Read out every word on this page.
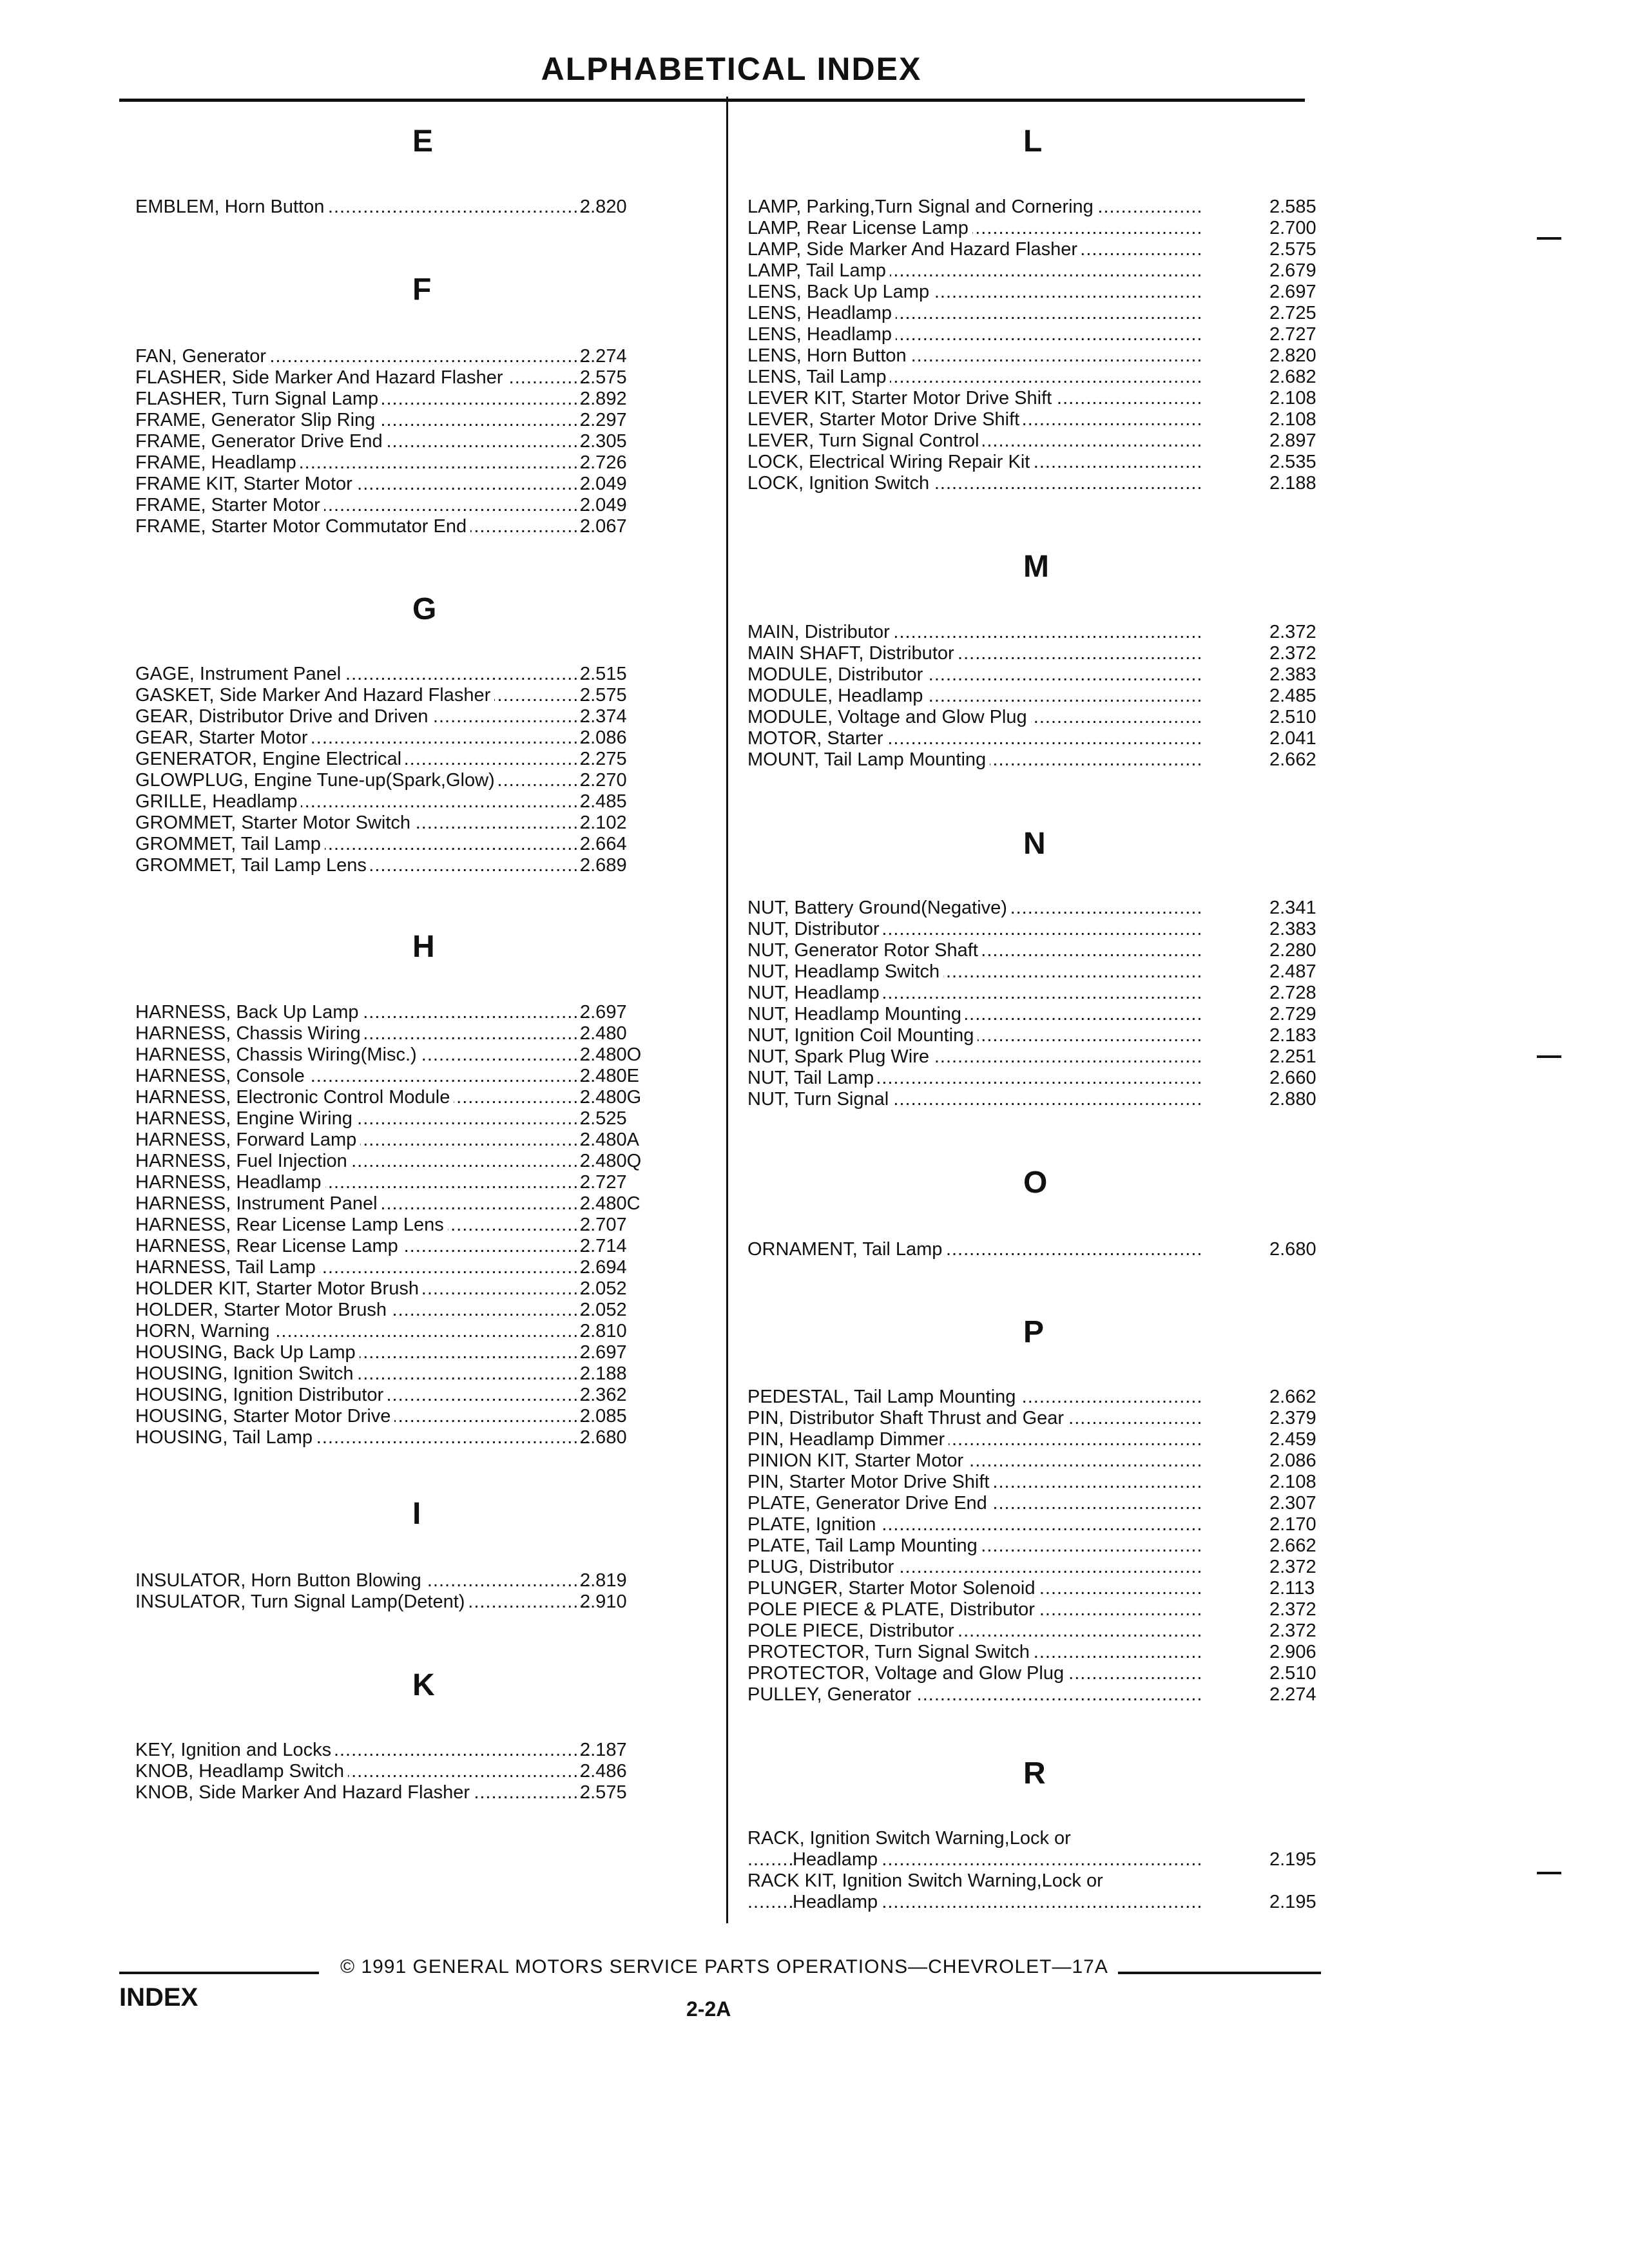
ALPHABETICAL INDEX
E
.....
EMBLEM, Horn Button	2.820
F
.....
FAN, Generator	2.274
.....
FLASHER, Side Marker And Hazard Flasher	2.575
.....
FLASHER, Turn Signal Lamp	2.892
.....
FRAME, Generator Slip Ring	2.297
.....
FRAME, Generator Drive End	2.305
.....
FRAME, Headlamp	2.726
.....
FRAME KIT, Starter Motor	2.049
.....
FRAME, Starter Motor	2.049
.....
FRAME, Starter Motor Commutator End	2.067
G
.....
GAGE, Instrument Panel	2.515
.....
GASKET, Side Marker And Hazard Flasher	2.575
.....
GEAR, Distributor Drive and Driven	2.374
.....
GEAR, Starter Motor	2.086
.....
GENERATOR, Engine Electrical	2.275
.....
GLOWPLUG, Engine Tune-up(Spark,Glow)	2.270
.....
GRILLE, Headlamp	2.485
.....
GROMMET, Starter Motor Switch	2.102
.....
GROMMET, Tail Lamp	2.664
.....
GROMMET, Tail Lamp Lens	2.689
H
.....
HARNESS, Back Up Lamp	2.697
.....
HARNESS, Chassis Wiring	2.480
.....
HARNESS, Chassis Wiring(Misc.)	2.480O
.....
HARNESS, Console	2.480E
.....
HARNESS, Electronic Control Module	2.480G
.....
HARNESS, Engine Wiring	2.525
.....
HARNESS, Forward Lamp	2.480A
.....
HARNESS, Fuel Injection	2.480Q
.....
HARNESS, Headlamp	2.727
.....
HARNESS, Instrument Panel	2.480C
.....
HARNESS, Rear License Lamp Lens	2.707
.....
HARNESS, Rear License Lamp	2.714
.....
HARNESS, Tail Lamp	2.694
.....
HOLDER KIT, Starter Motor Brush	2.052
.....
HOLDER, Starter Motor Brush	2.052
.....
HORN, Warning	2.810
.....
HOUSING, Back Up Lamp	2.697
.....
HOUSING, Ignition Switch	2.188
.....
HOUSING, Ignition Distributor	2.362
.....
HOUSING, Starter Motor Drive	2.085
.....
HOUSING, Tail Lamp	2.680
I
.....
INSULATOR, Horn Button Blowing	2.819
.....
INSULATOR, Turn Signal Lamp(Detent)	2.910
K
.....
KEY, Ignition and Locks	2.187
.....
KNOB, Headlamp Switch	2.486
.....
KNOB, Side Marker And Hazard Flasher	2.575
L
.....
LAMP, Parking,Turn Signal and Cornering	2.585
.....
LAMP, Rear License Lamp	2.700
.....
LAMP, Side Marker And Hazard Flasher	2.575
.....
LAMP, Tail Lamp	2.679
.....
LENS, Back Up Lamp	2.697
.....
LENS, Headlamp	2.725
.....
LENS, Headlamp	2.727
.....
LENS, Horn Button	2.820
.....
LENS, Tail Lamp	2.682
.....
LEVER KIT, Starter Motor Drive Shift	2.108
.....
LEVER, Starter Motor Drive Shift	2.108
.....
LEVER, Turn Signal Control	2.897
.....
LOCK, Electrical Wiring Repair Kit	2.535
.....
LOCK, Ignition Switch	2.188
M
.....
MAIN, Distributor	2.372
.....
MAIN SHAFT, Distributor	2.372
.....
MODULE, Distributor	2.383
.....
MODULE, Headlamp	2.485
.....
MODULE, Voltage and Glow Plug	2.510
.....
MOTOR, Starter	2.041
.....
MOUNT, Tail Lamp Mounting	2.662
N
.....
NUT, Battery Ground(Negative)	2.341
.....
NUT, Distributor	2.383
.....
NUT, Generator Rotor Shaft	2.280
.....
NUT, Headlamp Switch	2.487
.....
NUT, Headlamp	2.728
.....
NUT, Headlamp Mounting	2.729
.....
NUT, Ignition Coil Mounting	2.183
.....
NUT, Spark Plug Wire	2.251
.....
NUT, Tail Lamp	2.660
.....
NUT, Turn Signal	2.880
O
.....
ORNAMENT, Tail Lamp	2.680
P
.....
PEDESTAL, Tail Lamp Mounting	2.662
.....
PIN, Distributor Shaft Thrust and Gear	2.379
.....
PIN, Headlamp Dimmer	2.459
.....
PINION KIT, Starter Motor	2.086
.....
PIN, Starter Motor Drive Shift	2.108
.....
PLATE, Generator Drive End	2.307
.....
PLATE, Ignition	2.170
.....
PLATE, Tail Lamp Mounting	2.662
.....
PLUG, Distributor	2.372
.....
PLUNGER, Starter Motor Solenoid	2.113
.....
POLE PIECE & PLATE, Distributor	2.372
.....
POLE PIECE, Distributor	2.372
.....
PROTECTOR, Turn Signal Switch	2.906
.....
PROTECTOR, Voltage and Glow Plug	2.510
.....
PULLEY, Generator	2.274
R
RACK, Ignition Switch Warning,Lock or
.....
Headlamp	2.195
RACK KIT, Ignition Switch Warning,Lock or
.....
Headlamp	2.195
© 1991 GENERAL MOTORS SERVICE PARTS OPERATIONS—CHEVROLET—17A
INDEX	2-2A
